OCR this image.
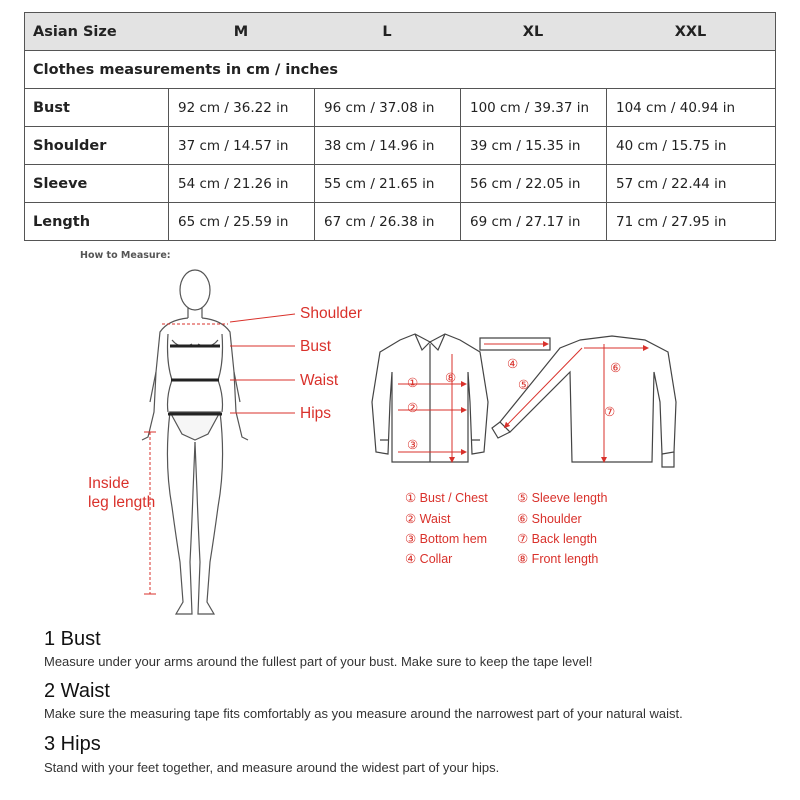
Asian Size	M	L	XL	XXL
Clothes measurements in cm / inches
Bust	92 cm / 36.22 in	96 cm / 37.08 in	100 cm / 39.37 in	104 cm / 40.94 in
Shoulder	37 cm / 14.57 in	38 cm / 14.96 in	39 cm / 15.35 in	40 cm / 15.75 in
Sleeve	54 cm / 21.26 in	55 cm / 21.65 in	56 cm / 22.05 in	57 cm / 22.44 in
Length	65 cm / 25.59 in	67 cm / 26.38 in	69 cm / 27.17 in	71 cm / 27.95 in
How to Measure:
①
②
③
⑧
④
⑤
⑥
⑦
Shoulder
Bust
Waist
Hips
Inside
leg length	① Bust / Chest
② Waist
③ Bottom hem
④ Collar
⑤ Sleeve length
⑥ Shoulder
⑦ Back length
⑧ Front length
1 Bust
Measure under your arms around the fullest part of your bust. Make sure to keep the tape level!
2 Waist
Make sure the measuring tape fits comfortably as you measure around the narrowest part of your natural waist.
3 Hips
Stand with your feet together, and measure around the widest part of your hips.
